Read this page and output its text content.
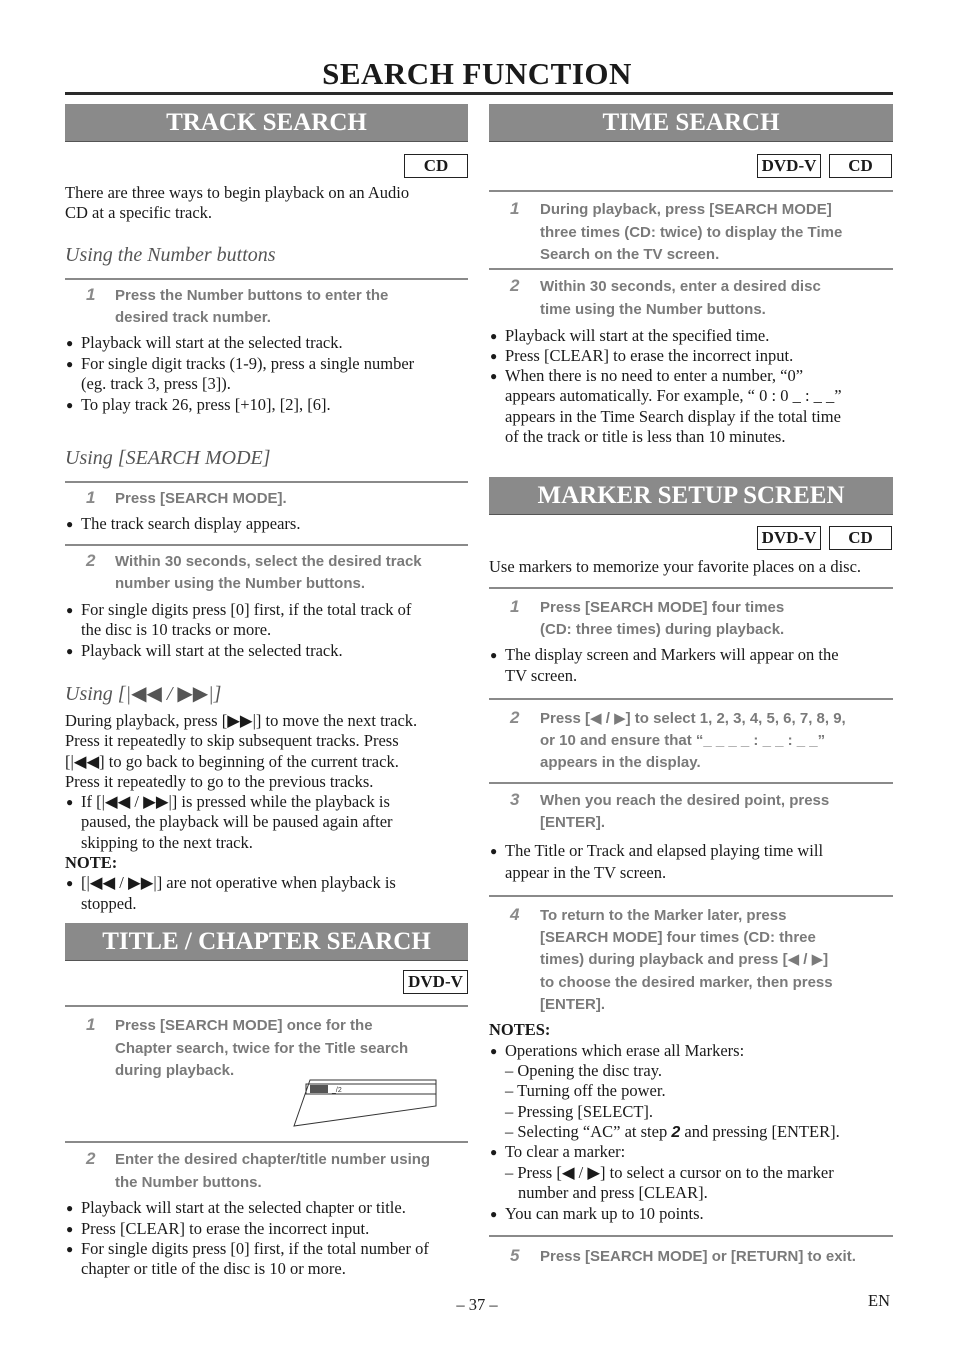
SEARCH FUNCTION
TRACK SEARCH
CD
There are three ways to begin playback on an Audio
CD at a specific track.
Using the Number buttons
1 Press the Number buttons to enter the
desired track number.
● Playback will start at the selected track.
● For single digit tracks (1-9), press a single number
(eg. track 3, press [3]).
● To play track 26, press [+10], [2], [6].
Using [SEARCH MODE]
1 Press [SEARCH MODE].
● The track search display appears.
2 Within 30 seconds, select the desired track
number using the Number buttons.
● For single digits press [0] first, if the total track of
the disc is 10 tracks or more.
● Playback will start at the selected track.
Using [|◀◀ / ▶▶|]
During playback, press [▶▶|] to move the next track.
Press it repeatedly to skip subsequent tracks. Press
[|◀◀] to go back to beginning of the current track.
Press it repeatedly to go to the previous tracks.
● If [|◀◀ / ▶▶|] is pressed while the playback is
paused, the playback will be paused again after
skipping to the next track.
NOTE:
● [|◀◀ / ▶▶|] are not operative when playback is
stopped.
TITLE / CHAPTER SEARCH
DVD-V
1 Press [SEARCH MODE] once for the
Chapter search, twice for the Title search
during playback.
_/2
2 Enter the desired chapter/title number using
the Number buttons.
● Playback will start at the selected chapter or title.
● Press [CLEAR] to erase the incorrect input.
● For single digits press [0] first, if the total number of
chapter or title of the disc is 10 or more.
TIME SEARCH
DVD-V	CD
1 During playback, press [SEARCH MODE]
three times (CD: twice) to display the Time
Search on the TV screen.
2 Within 30 seconds, enter a desired disc
time using the Number buttons.
● Playback will start at the specified time.
● Press [CLEAR] to erase the incorrect input.
● When there is no need to enter a number, “0”
appears automatically. For example, “ 0 : 0 _ : _ _”
appears in the Time Search display if the total time
of the track or title is less than 10 minutes.
MARKER SETUP SCREEN
DVD-V	CD
Use markers to memorize your favorite places on a disc.
1 Press [SEARCH MODE] four times
(CD: three times) during playback.
● The display screen and Markers will appear on the
TV screen.
2 Press [◀ / ▶] to select 1, 2, 3, 4, 5, 6, 7, 8, 9,
or 10 and ensure that “_ _ _ _ : _ _ : _ _”
appears in the display.
3 When you reach the desired point, press
[ENTER].
● The Title or Track and elapsed playing time will
appear in the TV screen.
4 To return to the Marker later, press
[SEARCH MODE] four times (CD: three
times) during playback and press [◀ / ▶]
to choose the desired marker, then press
[ENTER].
NOTES:
● Operations which erase all Markers:
– Opening the disc tray.
– Turning off the power.
– Pressing [SELECT].
– Selecting “AC” at step 2 and pressing [ENTER].
● To clear a marker:
– Press [◀ / ▶] to select a cursor on to the marker
number and press [CLEAR].
● You can mark up to 10 points.
5 Press [SEARCH MODE] or [RETURN] to exit.
– 37 –	EN
